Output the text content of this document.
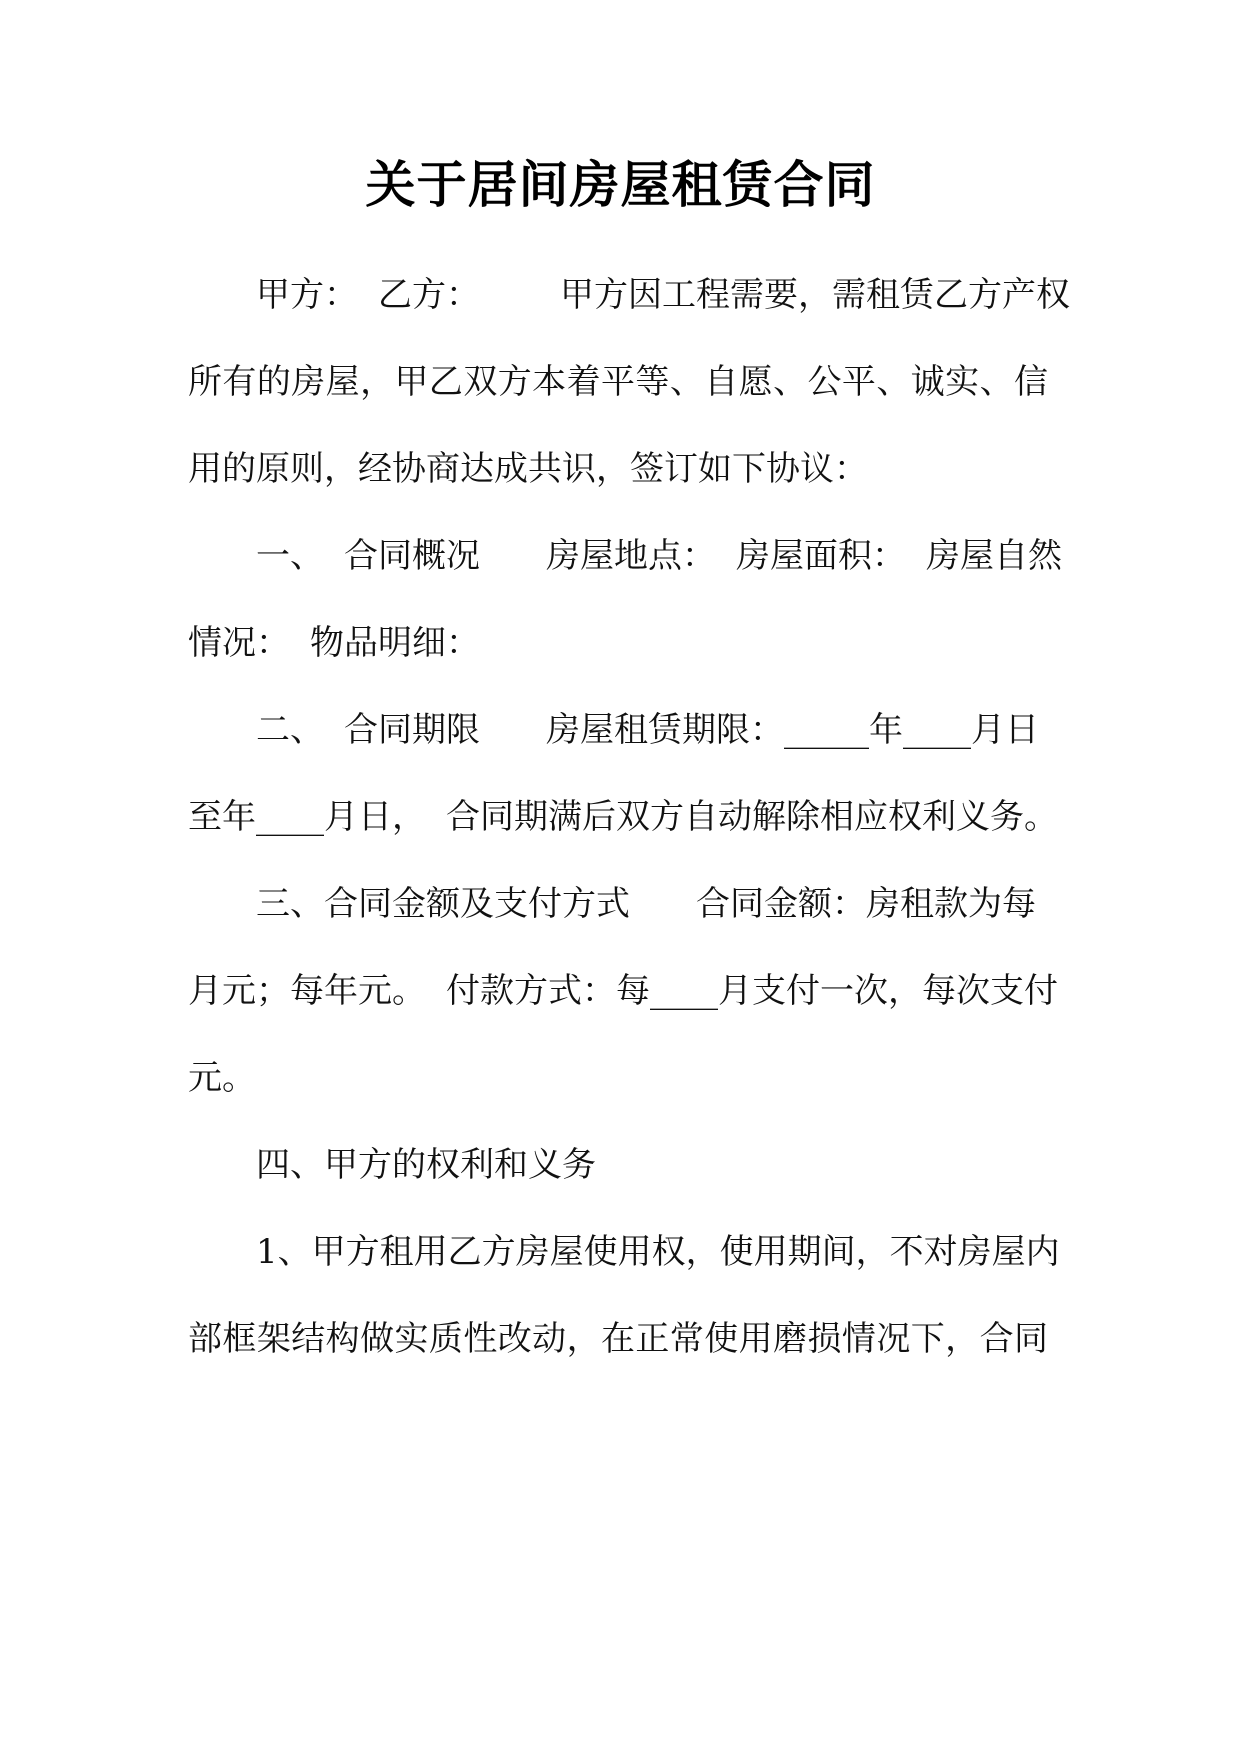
关于居间房屋租赁合同
甲方： 乙方： 甲方因工程需要，需租赁乙方产权
所有的房屋，甲乙双方本着平等、自愿、公平、诚实、信
用的原则，经协商达成共识，签订如下协议：
一、 合同概况 房屋地点： 房屋面积： 房屋自然
情况： 物品明细：
二、 合同期限 房屋租赁期限：_____年____月日
至年____月日， 合同期满后双方自动解除相应权利义务。
三、合同金额及支付方式 合同金额：房租款为每
月元；每年元。 付款方式：每____月支付一次，每次支付
元。
四、甲方的权利和义务
1、甲方租用乙方房屋使用权，使用期间，不对房屋内
部框架结构做实质性改动，在正常使用磨损情况下，合同
